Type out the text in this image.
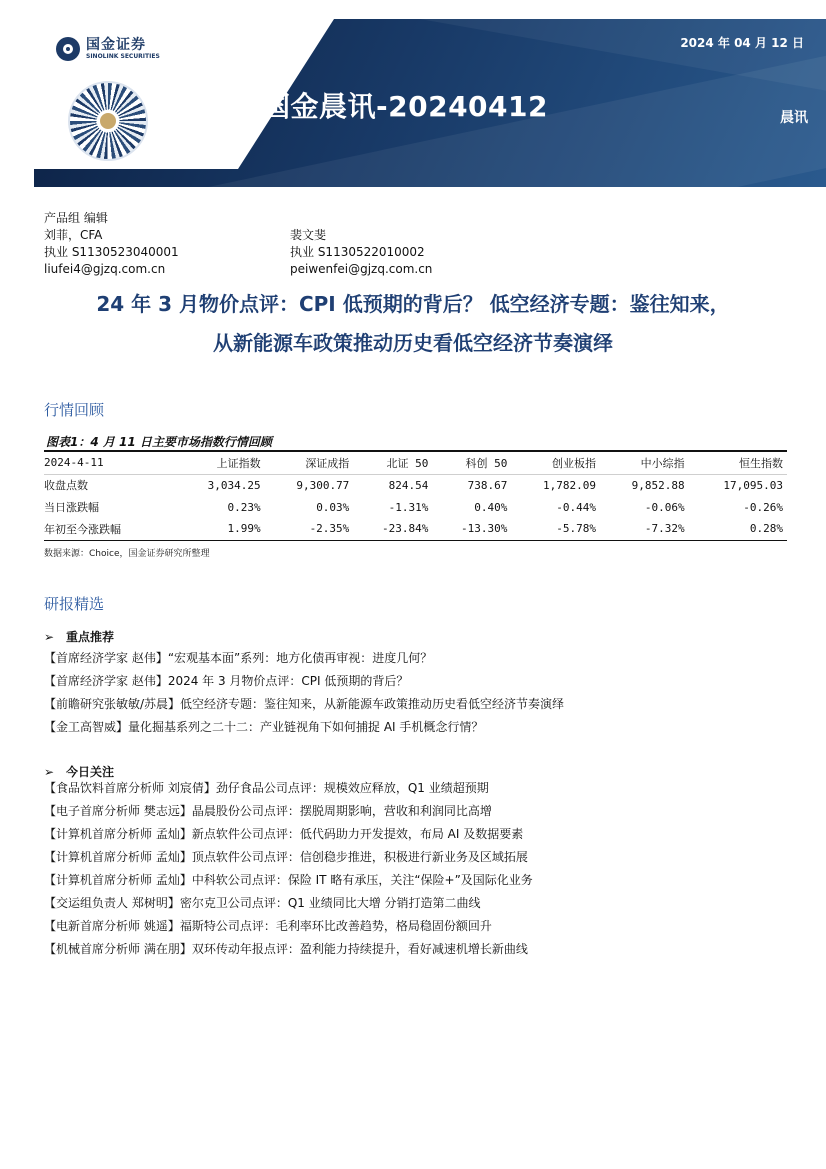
国金证券
SINOLINK SECURITIES
2024 年 04 月 12 日
国金晨讯-20240412	晨讯
产品组 编辑
刘菲，CFA
执业 S1130523040001
liufei4@gjzq.com.cn
裴文斐
执业 S1130522010002
peiwenfei@gjzq.com.cn
24 年 3 月物价点评：CPI 低预期的背后？ 低空经济专题：鉴往知来，
从新能源车政策推动历史看低空经济节奏演绎
行情回顾
图表1：4 月 11 日主要市场指数行情回顾
2024-4-11	上证指数	深证成指	北证 50	科创 50	创业板指	中小综指	恒生指数
收盘点数	3,034.25	9,300.77	824.54	738.67	1,782.09	9,852.88	17,095.03
当日涨跌幅	0.23%	0.03%	-1.31%	0.40%	-0.44%	-0.06%	-0.26%
年初至今涨跌幅	1.99%	-2.35%	-23.84%	-13.30%	-5.78%	-7.32%	0.28%
数据来源：Choice，国金证券研究所整理
研报精选
➢ 重点推荐
【首席经济学家 赵伟】“宏观基本面”系列：地方化债再审视：进度几何？
【首席经济学家 赵伟】2024 年 3 月物价点评：CPI 低预期的背后？
【前瞻研究张敏敏/苏晨】低空经济专题：鉴往知来，从新能源车政策推动历史看低空经济节奏演绎
【金工高智威】量化掘基系列之二十二：产业链视角下如何捕捉 AI 手机概念行情？
➢ 今日关注
【食品饮料首席分析师 刘宸倩】劲仔食品公司点评：规模效应释放，Q1 业绩超预期
【电子首席分析师 樊志远】晶晨股份公司点评：摆脱周期影响，营收和利润同比高增
【计算机首席分析师 孟灿】新点软件公司点评：低代码助力开发提效，布局 AI 及数据要素
【计算机首席分析师 孟灿】顶点软件公司点评：信创稳步推进，积极进行新业务及区域拓展
【计算机首席分析师 孟灿】中科软公司点评：保险 IT 略有承压，关注“保险+”及国际化业务
【交运组负责人 郑树明】密尔克卫公司点评：Q1 业绩同比大增 分销打造第二曲线
【电新首席分析师 姚遥】福斯特公司点评：毛利率环比改善趋势，格局稳固份额回升
【机械首席分析师 满在朋】双环传动年报点评：盈利能力持续提升，看好减速机增长新曲线
